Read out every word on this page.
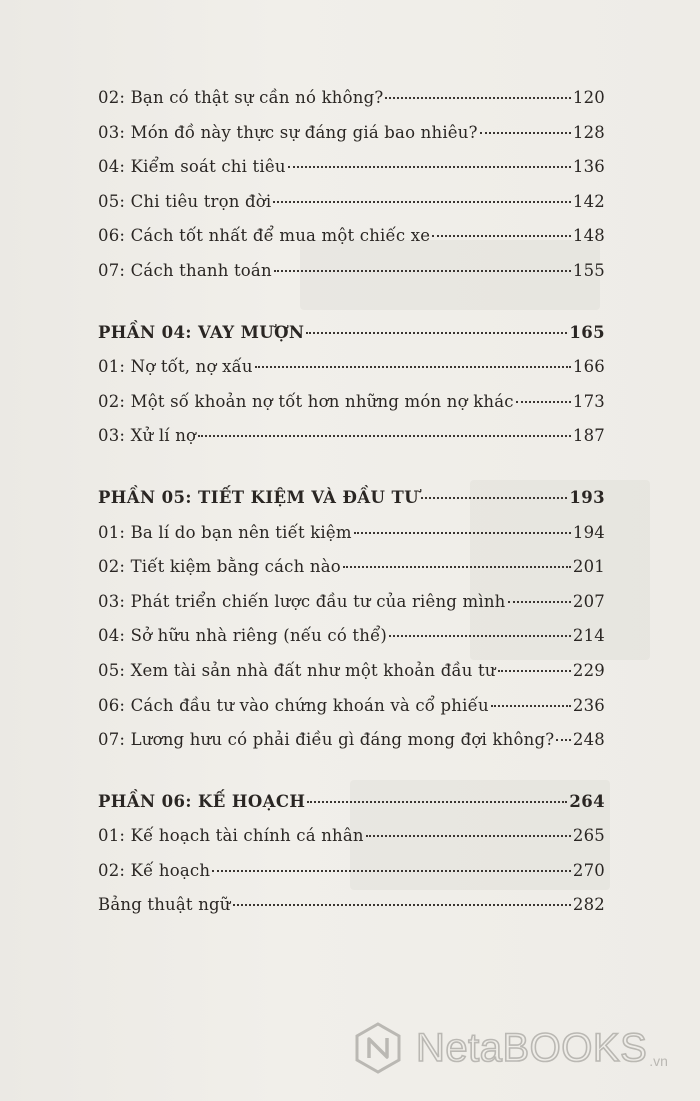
02: Bạn có thật sự cần nó không?	120
03: Món đồ này thực sự đáng giá bao nhiêu?	128
04: Kiểm soát chi tiêu	136
05: Chi tiêu trọn đời	142
06: Cách tốt nhất để mua một chiếc xe	148
07: Cách thanh toán	155
PHẦN 04: VAY MƯỢN	165
01: Nợ tốt, nợ xấu	166
02: Một số khoản nợ tốt hơn những món nợ khác	173
03: Xử lí nợ	187
PHẦN 05: TIẾT KIỆM VÀ ĐẦU TƯ	193
01: Ba lí do bạn nên tiết kiệm	194
02: Tiết kiệm bằng cách nào	201
03: Phát triển chiến lược đầu tư của riêng mình	207
04: Sở hữu nhà riêng (nếu có thể)	214
05: Xem tài sản nhà đất như một khoản đầu tư	229
06: Cách đầu tư vào chứng khoán và cổ phiếu	236
07: Lương hưu có phải điều gì đáng mong đợi không? 248
PHẦN 06: KẾ HOẠCH	264
01: Kế hoạch tài chính cá nhân	265
02: Kế hoạch	270
Bảng thuật ngữ	282
NetaBOOKS .vn
